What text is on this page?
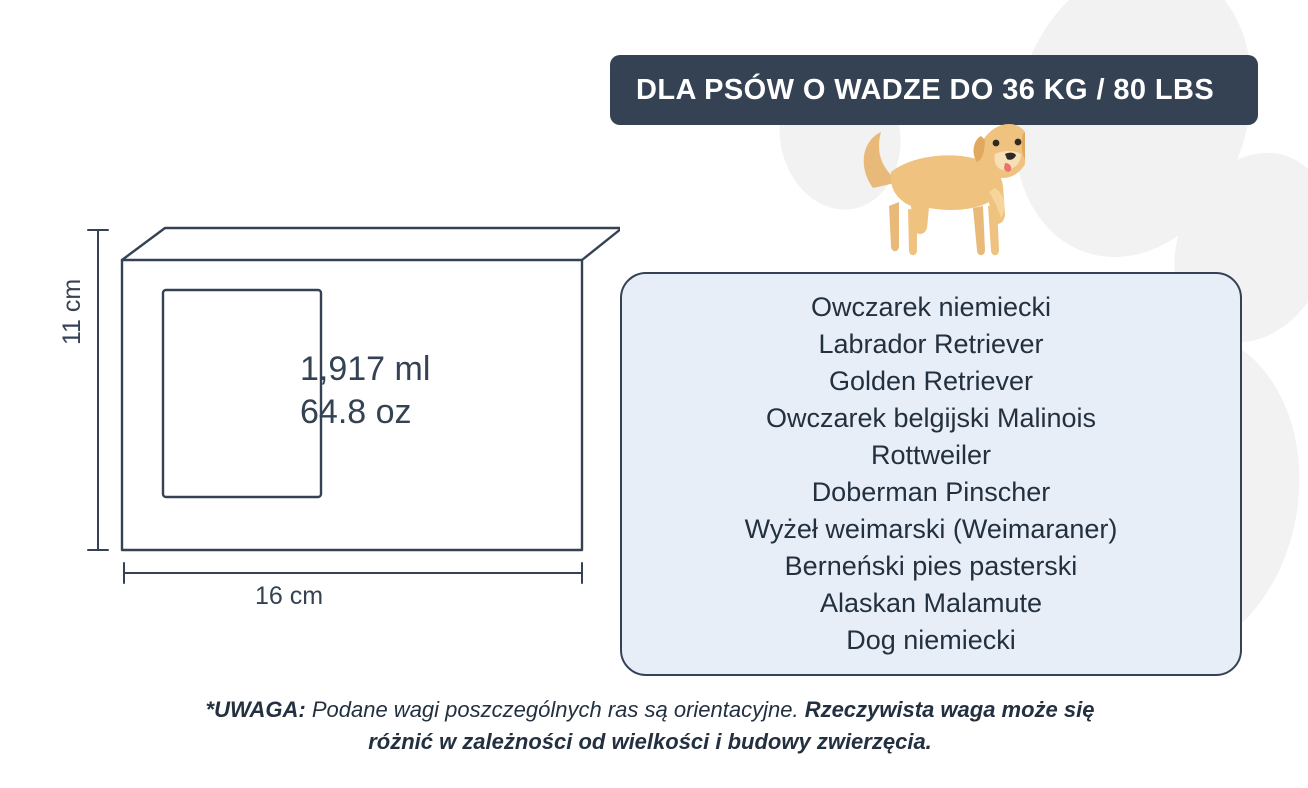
1,917 ml
64.8 oz
11 cm
16 cm
DLA PSÓW O WADZE DO 36 KG / 80 LBS
Owczarek niemiecki
Labrador Retriever
Golden Retriever
Owczarek belgijski Malinois
Rottweiler
Doberman Pinscher
Wyżeł weimarski (Weimaraner)
Berneński pies pasterski
Alaskan Malamute
Dog niemiecki
*UWAGA: Podane wagi poszczególnych ras są orientacyjne. Rzeczywista waga może się różnić w zależności od wielkości i budowy zwierzęcia.
